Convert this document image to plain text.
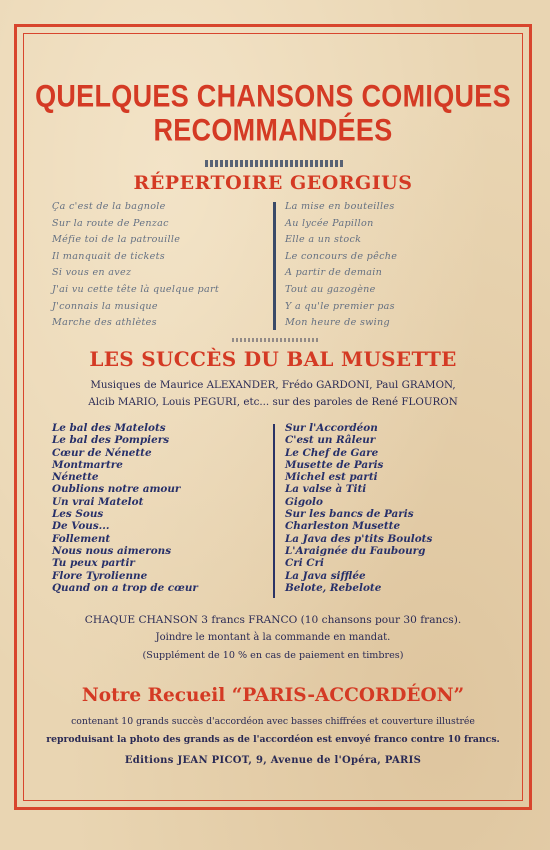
QUELQUES CHANSONS COMIQUES
RECOMMANDÉES
RÉPERTOIRE GEORGIUS
Ça c'est de la bagnole
Sur la route de Penzac
Méfie toi de la patrouille
Il manquait de tickets
Si vous en avez
J'ai vu cette tête là quelque part
J'connais la musique
Marche des athlètes
La mise en bouteilles
Au lycée Papillon
Elle a un stock
Le concours de pêche
A partir de demain
Tout au gazogène
Y a qu'le premier pas
Mon heure de swing
LES SUCCÈS DU BAL MUSETTE
Musiques de Maurice ALEXANDER, Frédo GARDONI, Paul GRAMON,
Alcib MARIO, Louis PEGURI, etc... sur des paroles de René FLOURON
Le bal des Matelots
Le bal des Pompiers
Cœur de Nénette
Montmartre
Nénette
Oublions notre amour
Un vrai Matelot
Les Sous
De Vous...
Follement
Nous nous aimerons
Tu peux partir
Flore Tyrolienne
Quand on a trop de cœur
Sur l'Accordéon
C'est un Râleur
Le Chef de Gare
Musette de Paris
Michel est parti
La valse à Titi
Gigolo
Sur les bancs de Paris
Charleston Musette
La Java des p'tits Boulots
L'Araignée du Faubourg
Cri Cri
La Java sifflée
Belote, Rebelote
CHAQUE CHANSON 3 francs FRANCO (10 chansons pour 30 francs).
Joindre le montant à la commande en mandat.
(Supplément de 10 % en cas de paiement en timbres)
Notre Recueil “PARIS-ACCORDÉON”
contenant 10 grands succès d'accordéon avec basses chiffrées et couverture illustrée
reproduisant la photo des grands as de l'accordéon est envoyé franco contre 10 francs.
Editions JEAN PICOT, 9, Avenue de l'Opéra, PARIS
